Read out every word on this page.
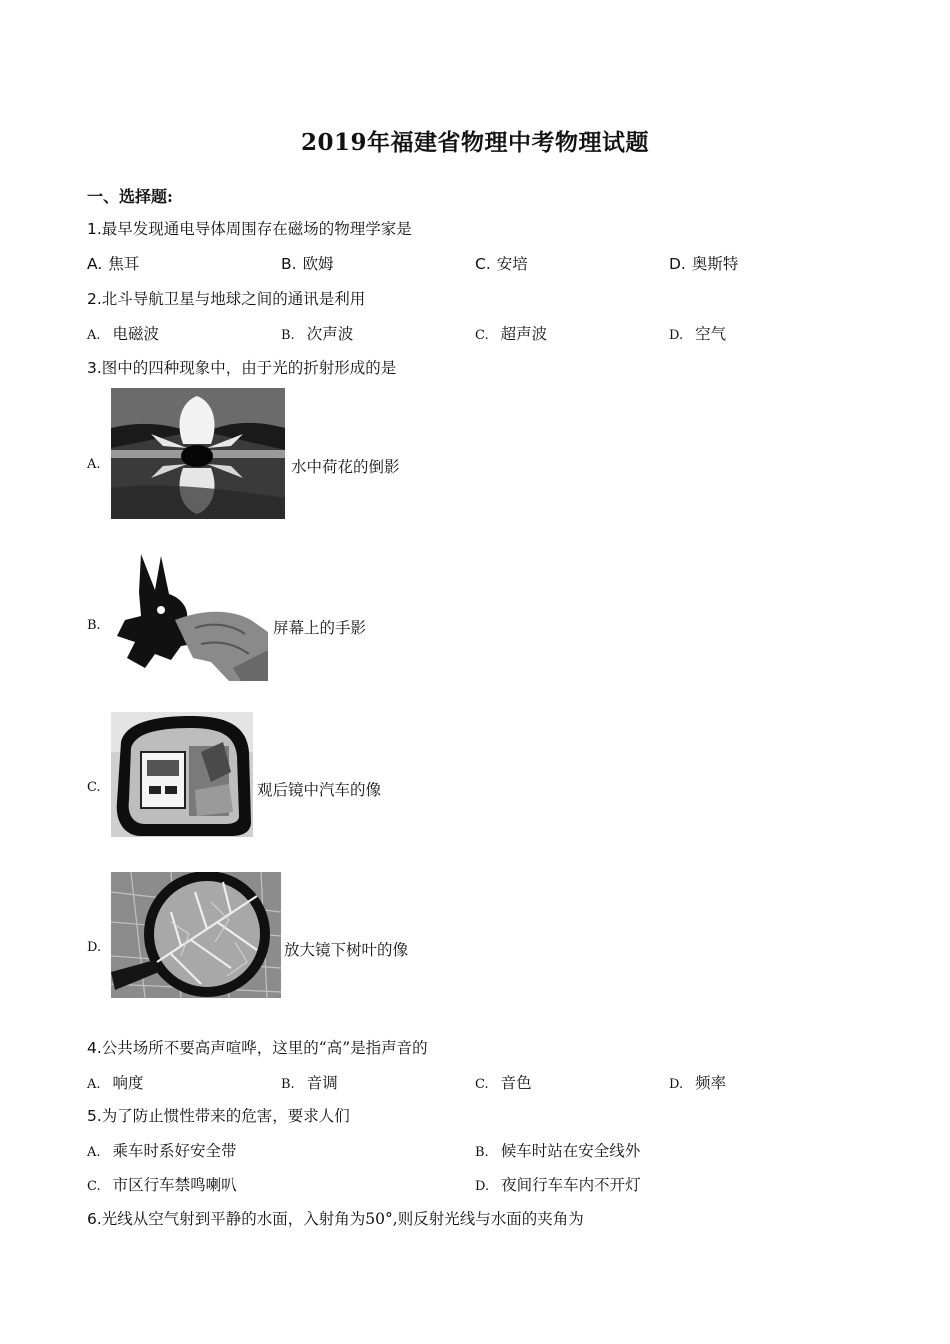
2019年福建省物理中考物理试题
一、选择题:
1.最早发现通电导体周围存在磁场的物理学家是
A. 焦耳	B. 欧姆	C. 安培	D. 奥斯特
2.北斗导航卫星与地球之间的通讯是利用
A. 电磁波	B. 次声波	C. 超声波	D. 空气
3.图中的四种现象中，由于光的折射形成的是
A.	水中荷花的倒影
B.	屏幕上的手影
C.	观后镜中汽车的像
D.	放大镜下树叶的像
4.公共场所不要高声喧哗，这里的“高”是指声音的
A. 响度	B. 音调	C. 音色	D. 频率
5.为了防止惯性带来的危害，要求人们
A. 乘车时系好安全带	B. 候车时站在安全线外
C. 市区行车禁鸣喇叭	D. 夜间行车车内不开灯
6.光线从空气射到平静的水面，入射角为50°,则反射光线与水面的夹角为
